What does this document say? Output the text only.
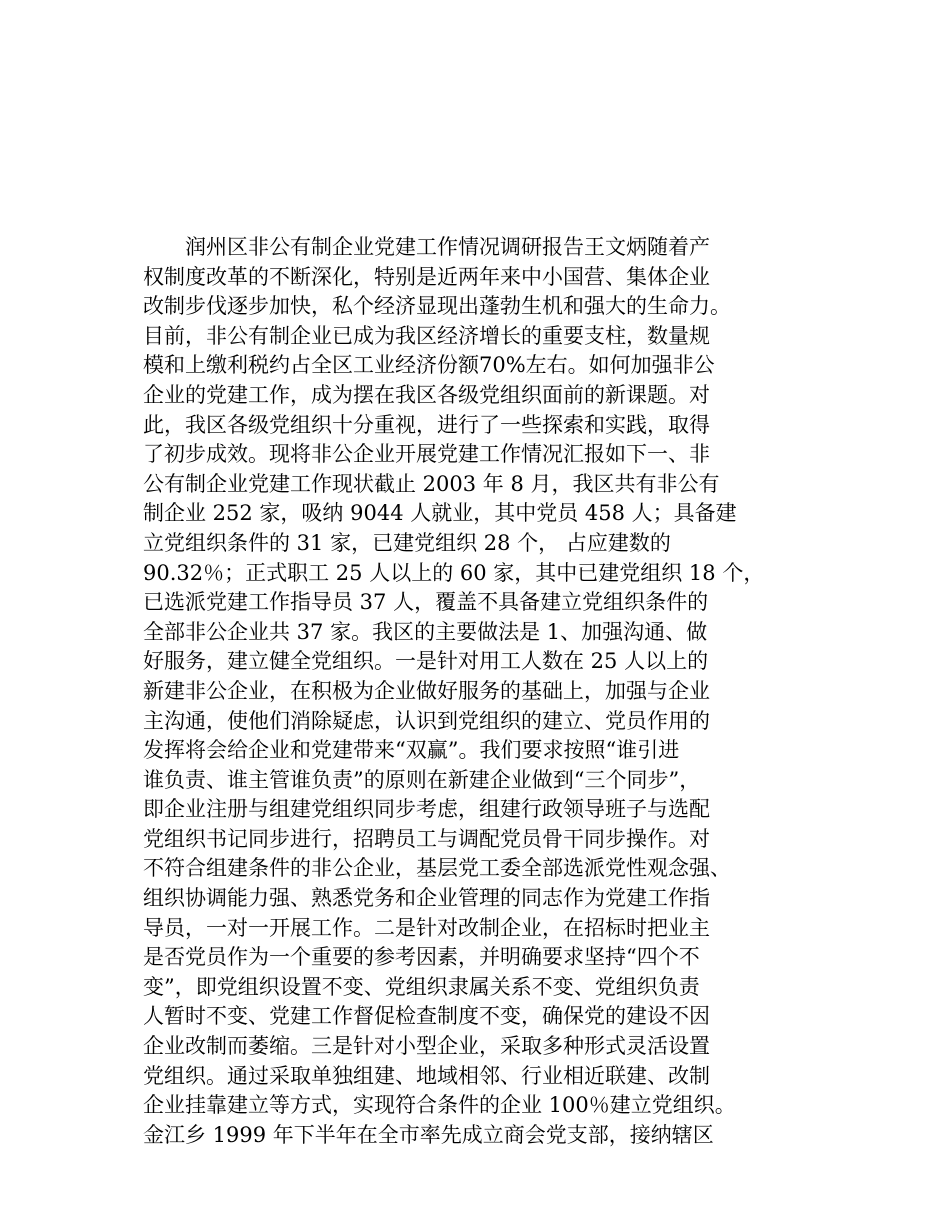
　　润州区非公有制企业党建工作情况调研报告王文炳随着产
权制度改革的不断深化，特别是近两年来中小国营、集体企业
改制步伐逐步加快，私个经济显现出蓬勃生机和强大的生命力。
目前，非公有制企业已成为我区经济增长的重要支柱，数量规
模和上缴利税约占全区工业经济份额70%左右。如何加强非公
企业的党建工作，成为摆在我区各级党组织面前的新课题。对
此，我区各级党组织十分重视，进行了一些探索和实践，取得
了初步成效。现将非公企业开展党建工作情况汇报如下一、非
公有制企业党建工作现状截止 2003 年 8 月，我区共有非公有
制企业 252 家，吸纳 9044 人就业，其中党员 458 人；具备建
立党组织条件的 31 家，已建党组织 28 个， 占应建数的
90.32％；正式职工 25 人以上的 60 家，其中已建党组织 18 个，
已选派党建工作指导员 37 人，覆盖不具备建立党组织条件的
全部非公企业共 37 家。我区的主要做法是 1、加强沟通、做
好服务，建立健全党组织。一是针对用工人数在 25 人以上的
新建非公企业，在积极为企业做好服务的基础上，加强与企业
主沟通，使他们消除疑虑，认识到党组织的建立、党员作用的
发挥将会给企业和党建带来“双赢”。我们要求按照“谁引进
谁负责、谁主管谁负责”的原则在新建企业做到“三个同步”，
即企业注册与组建党组织同步考虑，组建行政领导班子与选配
党组织书记同步进行，招聘员工与调配党员骨干同步操作。对
不符合组建条件的非公企业，基层党工委全部选派党性观念强、
组织协调能力强、熟悉党务和企业管理的同志作为党建工作指
导员，一对一开展工作。二是针对改制企业，在招标时把业主
是否党员作为一个重要的参考因素，并明确要求坚持“四个不
变”，即党组织设置不变、党组织隶属关系不变、党组织负责
人暂时不变、党建工作督促检查制度不变，确保党的建设不因
企业改制而萎缩。三是针对小型企业，采取多种形式灵活设置
党组织。通过采取单独组建、地域相邻、行业相近联建、改制
企业挂靠建立等方式，实现符合条件的企业 100％建立党组织。
金江乡 1999 年下半年在全市率先成立商会党支部，接纳辖区
